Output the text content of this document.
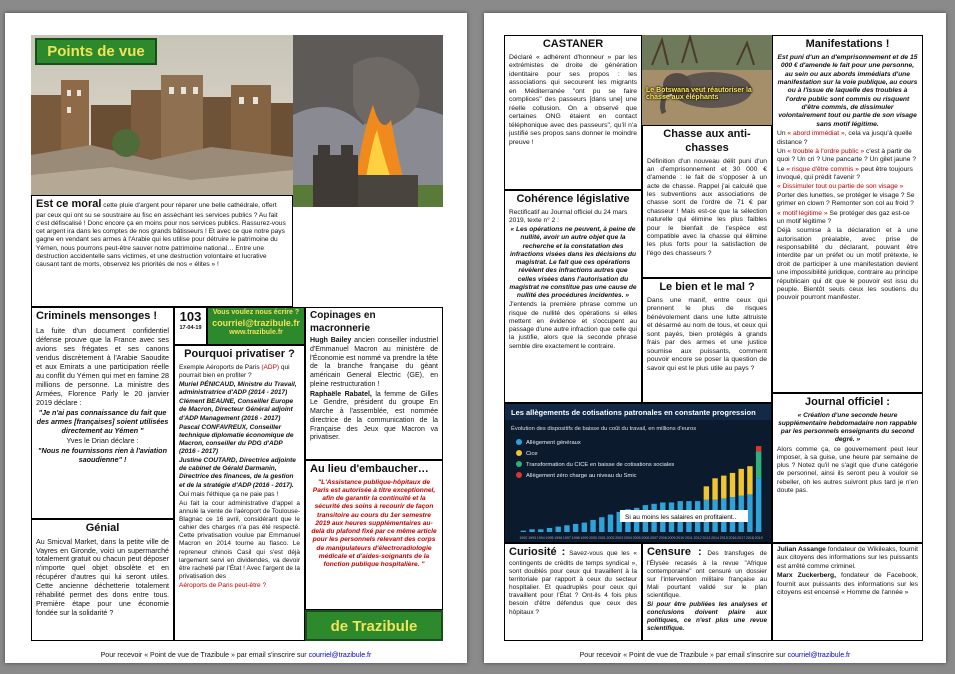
Points de vue
Est ce moral cette pluie d'argent pour réparer une belle cathédrale, offert par ceux qui ont su se soustraire au fisc en assèchant les services publics ? Au fait c'est défiscalisé ! Donc encore ça en moins pour nos services publics. Rassurez-vous cet argent ira dans les comptes de nos grands bâtisseurs ! Et avec ce que notre pays gagne en vendant ses armes à l'Arabie qui les utilise pour détruire le patrimoine du Yémen, nous pourrons peut-être sauver notre patrimoine national… Entre une destruction accidentelle sans victimes, et une destruction volontaire et lucrative causant tant de morts, observez les priorités de nos « élites » !
Criminels mensonges !

La fuite d'un document confidentiel défense prouve que la France avec ses avions ses frégates et ses canons vendus discrètement à l'Arabie Saoudite et aux Emirats a une participation réelle au conflit du Yémen qui met en famine 28 millions de personne. La ministre des Armées, Florence Parly le 20 janvier 2019 déclare :

"Je n'ai pas connaissance du fait que des armes [françaises] soient utilisées directement au Yémen "

Yves le Drian déclare :

"Nous ne fournissons rien à l'aviation saoudienne" !

Génial

Au Smicval Market, dans la petite ville de Vayres en Gironde, voici un supermarché totalement gratuit ou chacun peut déposer n'importe quel objet obsolète et en récupérer d'autres qui lui seront utiles. Cette ancienne déchetterie totalement réhabilité permet des dons entre tous. Première étape pour une économie fondée sur la solidarité ?

103
17-04-19
Vous voulez nous écrire ?
courriel@trazibule.fr
www.trazibule.fr
Pourquoi privatiser ?

Exemple Aéroports de Paris (ADP) qui pourrait bien en profiter ?

Muriel PÉNICAUD, Ministre du Travail, administratrice d'ADP (2014 - 2017)

Clément BEAUNE, Conseiller Europe de Macron, Directeur Général adjoint d'ADP Management (2016 - 2017)

Pascal CONFAVREUX, Conseiller technique diplomatie économique de Macron, conseiller du PDG d'ADP (2016 - 2017)

Justine COUTARD, Directrice adjointe de cabinet de Gérald Darmanin, Directrice des finances, de la gestion et de la stratégie d'ADP (2016 - 2017).

Oui mais l'éthique ça ne paie pas !

Au fait la cour administrative d'appel a annulé la vente de l'aéroport de Toulouse-Blagnac ce 16 avril, considérant que le cahier des charges n'a pas été respecté. Cette privatisation voulue par Emmanuel Macron en 2014 tourne au fiasco. Le repreneur chinois Casil qui s'est déjà largement servi en dividendes, va devoir être racheté par l'État ! Avec l'argent de la privatisation des

Aéroports de Paris peut-être ?

Copinages en macronnerie

Hugh Bailey ancien conseiller industriel d'Emmanuel Macron au ministère de l'Économie est nommé va prendre la tête de la branche française du géant américain General Electric (GE), en pleine restructuration !

Raphaële Rabatel, la femme de Gilles Le Gendre, président du groupe En Marche à l'assemblée, est nommée directrice de la communication de la Française des Jeux que Macron va privatiser.

Au lieu d'embaucher…

"L'Assistance publique-hôpitaux de Paris est autorisée à titre exceptionnel, afin de garantir la continuité et la sécurité des soins à recourir de façon transitoire au cours du 1er semestre 2019 aux heures supplémentaires au-delà du plafond fixé par ce même article pour les personnels relevant des corps de manipulateurs d'électroradiologie médicale et d'aides-soignants de la fonction publique hospitalière. "

de Trazibule
Pour recevoir « Point de vue de Trazibule » par email s'inscrire sur courriel@trazibule.fr
CASTANER

Déclaré « adhérent d'honneur » par les extrémistes de droite de génération identitaire pour ses propos : les associations qui secourent les migrants en Méditerranée "ont pu se faire complices" des passeurs [dans une] une réelle collusion. On a observé que certaines ONG étaient en contact téléphonique avec des passeurs", qu'il n'a justifié ses propos sans donner le moindre preuve !

Le Botswana veut réautoriser la chasse aux éléphants
Chasse aux anti-chasses

Définition d'un nouveau délit puni d'un an d'emprisonnement et 30 000 € d'amende : le fait de s'opposer à un acte de chasse. Rappel j'ai calculé que les subventions aux associations de chasse sont de l'ordre de 71 € par chasseur ! Mais est-ce que la sélection naturelle qui élimine les plus faibles pour le bienfait de l'espèce est compatible avec la chasse qui élimine les plus forts pour la satisfaction de l'égo des chasseurs ?

Cohérence législative

Rectificatif au Journal officiel du 24 mars 2019, texte n° 2 :

« Les opérations ne peuvent, à peine de nullité, avoir un autre objet que la recherche et la constatation des infractions visées dans les décisions du magistrat. Le fait que ces opérations révèlent des infractions autres que celles visées dans l'autorisation du magistrat ne constitue pas une cause de nullité des procédures incidentes. »

J'entends la première phrase comme un risque de nullité des opérations si elles mettent en évidence et s'occupent au passage d'une autre infraction que celle qui la justifie, alors que la seconde phrase semble dire exactement le contraire.

Le bien et le mal ?

Dans une manif, entre ceux qui prennent le plus de risques bénévolement dans une lutte altruiste et désarmé au nom de tous, et ceux qui sont payés, bien protégés à grands frais par des armes et une justice soumise aux puissants, comment pouvoir encore se poser la question de savoir qui est le plus utile au pays ?

Manifestations !

Est puni d'un an d'emprisonnement et de 15 000 € d'amende le fait pour une personne, au sein ou aux abords immédiats d'une manifestation sur la voie publique, au cours ou à l'issue de laquelle des troubles à l'ordre public sont commis ou risquent d'être commis, de dissimuler volontairement tout ou partie de son visage sans motif légitime.

Un « abord immédiat », cela va jusqu'à quelle distance ?

Un « trouble à l'ordre public » c'est à partir de quoi ? Un cri ? Une pancarte ? Un gilet jaune ?

Le « risque d'être commis » peut être toujours invoqué, qui prédit l'avenir ?

« Dissimuler tout ou partie de son visage » Porter des lunettes, se protéger le visage ? Se grimer en clown ? Remonter son col au froid ?

« motif légitime » Se protéger des gaz est-ce un motif légitime ?

Déjà soumise à la déclaration et à une autorisation préalable, avec prise de responsabilité du déclarant, pouvant être interdite par un préfet ou un motif prétexte, le droit de participer à une manifestation devient une impossibilité juridique, contraire au principe républicain qui dit que le pouvoir est issu du peuple. Bientôt seuls ceux les soutiens du pouvoir pourront manifester.

Les allègements de cotisations patronales en constante progression
Évolution des dispositifs de baisse du coût du travail, en millions d'euros
Allègement généraux
Cice
Transformation du CICE en baisse de cotisations sociales
Allègement zéro charge au niveau du Smic
1992 1993 1994 1995 1996 1997 1998 1999 2000 2001 2002 2003 2004 2005 2006 2007 2008 2009 2010 2011 2012 2013 2014 2015 2016 2017 2018 2019
Si au moins les salaires en profitaient..
Journal officiel :

« Création d'une seconde heure supplémentaire hebdomadaire non rappable par les personnels enseignants du second degré. »

Alors comme ça, ce gouvernement peut leur imposer, à sa guise, une heure par semaine de plus ? Notez qu'il ne s'agit que d'une catégorie de personnel, ainsi ils seront peu à vouloir se rebeller, oh les autres suivront plus tard je n'en doute pas.

Curiosité : Savez-vous que les « contingents de crédits de temps syndical », sont doublés pour ceux qui travaillent à la territoriale par rapport à ceux du secteur hospitalier. Et quadruplés pour ceux qui travaillent pour l'État ? Ont-ils 4 fois plus besoin d'être défendus que ceux des hôpitaux ?

Censure : Des transfuges de l'Élysée recasés à la revue "Afrique contemporaine" ont censuré un dossier sur l'intervention militaire française au Mali pourtant validé sur le plan scientifique.

Si pour être publiées les analyses et conclusions doivent plaire aux politiques, ce n'est plus une revue scientifique.

Julian Assange fondateur de Wikileaks, fournit aux citoyens des informations sur les puissants est arrêté comme criminel.

Marx Zuckerberg, fondateur de Facebook, fournit aux puissants des informations sur les citoyens est encensé « Homme de l'année »

Pour recevoir « Point de vue de Trazibule » par email s'inscrire sur courriel@trazibule.fr
